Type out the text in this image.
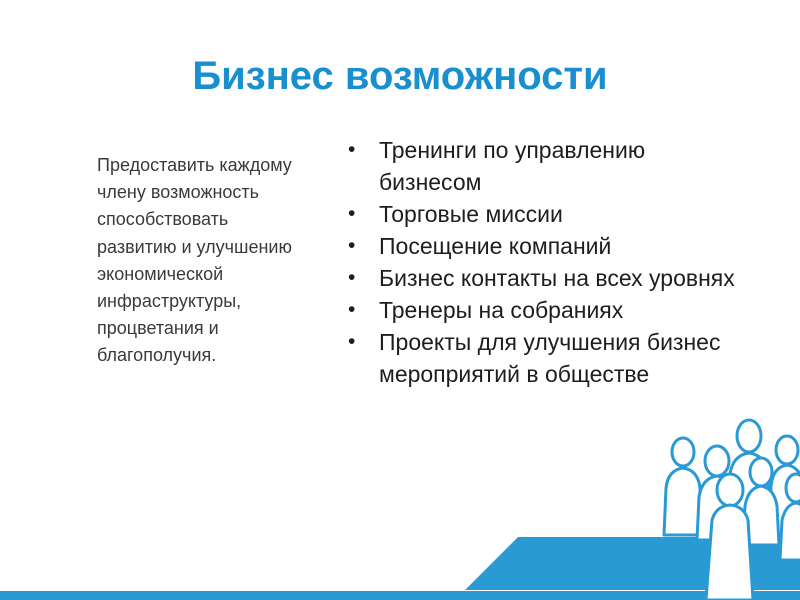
Бизнес возможности

Предоставить каждому члену возможность способствовать развитию и улучшению экономической инфраструктуры, процветания и благополучия.

•	Тренинги по управлению бизнесом
•	Торговые миссии
•	Посещение компаний
•	Бизнес контакты на всех уровнях
•	Тренеры на собраниях
•	Проекты для улучшения бизнес мероприятий в обществе
